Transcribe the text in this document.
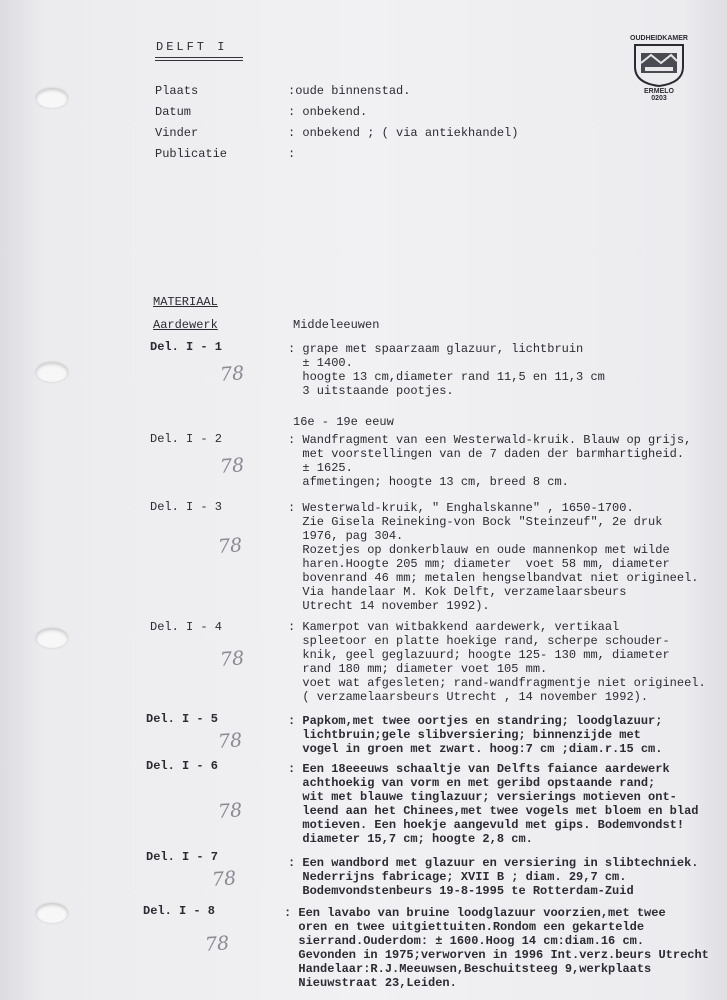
DELFT I
OUDHEIDKAMER
ERMELO
0203
Plaats	:oude binnenstad.
Datum	: onbekend.
Vinder	: onbekend ; ( via antiekhandel)
Publicatie	:
MATERIAAL
Aardewerk	Middeleeuwen
16e - 19e eeuw
Del. I - 1
78
: grape met spaarzaam glazuur, lichtbruin
± 1400.
hoogte 13 cm,diameter rand 11,5 en 11,3 cm
3 uitstaande pootjes.
Del. I - 2
78
: Wandfragment van een Westerwald-kruik. Blauw op grijs,
met voorstellingen van de 7 daden der barmhartigheid.
± 1625.
afmetingen; hoogte 13 cm, breed 8 cm.
Del. I - 3
78
: Westerwald-kruik, " Enghalskanne" , 1650-1700.
Zie Gisela Reineking-von Bock "Steinzeuf", 2e druk
1976, pag 304.
Rozetjes op donkerblauw en oude mannenkop met wilde
haren.Hoogte 205 mm; diameter  voet 58 mm, diameter
bovenrand 46 mm; metalen hengselbandvat niet origineel.
Via handelaar M. Kok Delft, verzamelaarsbeurs
Utrecht 14 november 1992).
Del. I - 4
78
: Kamerpot van witbakkend aardewerk, vertikaal
spleetoor en platte hoekige rand, scherpe schouder-
knik, geel geglazuurd; hoogte 125- 130 mm, diameter
rand 180 mm; diameter voet 105 mm.
voet wat afgesleten; rand-wandfragmentje niet origineel.
( verzamelaarsbeurs Utrecht , 14 november 1992).
Del. I - 5
78
: Papkom,met twee oortjes en standring; loodglazuur;
lichtbruin;gele slibversiering; binnenzijde met
vogel in groen met zwart. hoog:7 cm ;diam.r.15 cm.
Del. I - 6
78
: Een 18eeeuws schaaltje van Delfts faiance aardewerk
achthoekig van vorm en met geribd opstaande rand;
wit met blauwe tinglazuur; versierings motieven ont-
leend aan het Chinees,met twee vogels met bloem en blad
motieven. Een hoekje aangevuld met gips. Bodemvondst!
diameter 15,7 cm; hoogte 2,8 cm.
Del. I - 7
78
: Een wandbord met glazuur en versiering in slibtechniek.
Nederrijns fabricage; XVII B ; diam. 29,7 cm.
Bodemvondstenbeurs 19-8-1995 te Rotterdam-Zuid
Del. I - 8
78
: Een lavabo van bruine loodglazuur voorzien,met twee
oren en twee uitgiettuiten.Rondom een gekartelde
sierrand.Ouderdom: ± 1600.Hoog 14 cm:diam.16 cm.
Gevonden in 1975;verworven in 1996 Int.verz.beurs Utrecht
Handelaar:R.J.Meeuwsen,Beschuitsteeg 9,werkplaats
Nieuwstraat 23,Leiden.
